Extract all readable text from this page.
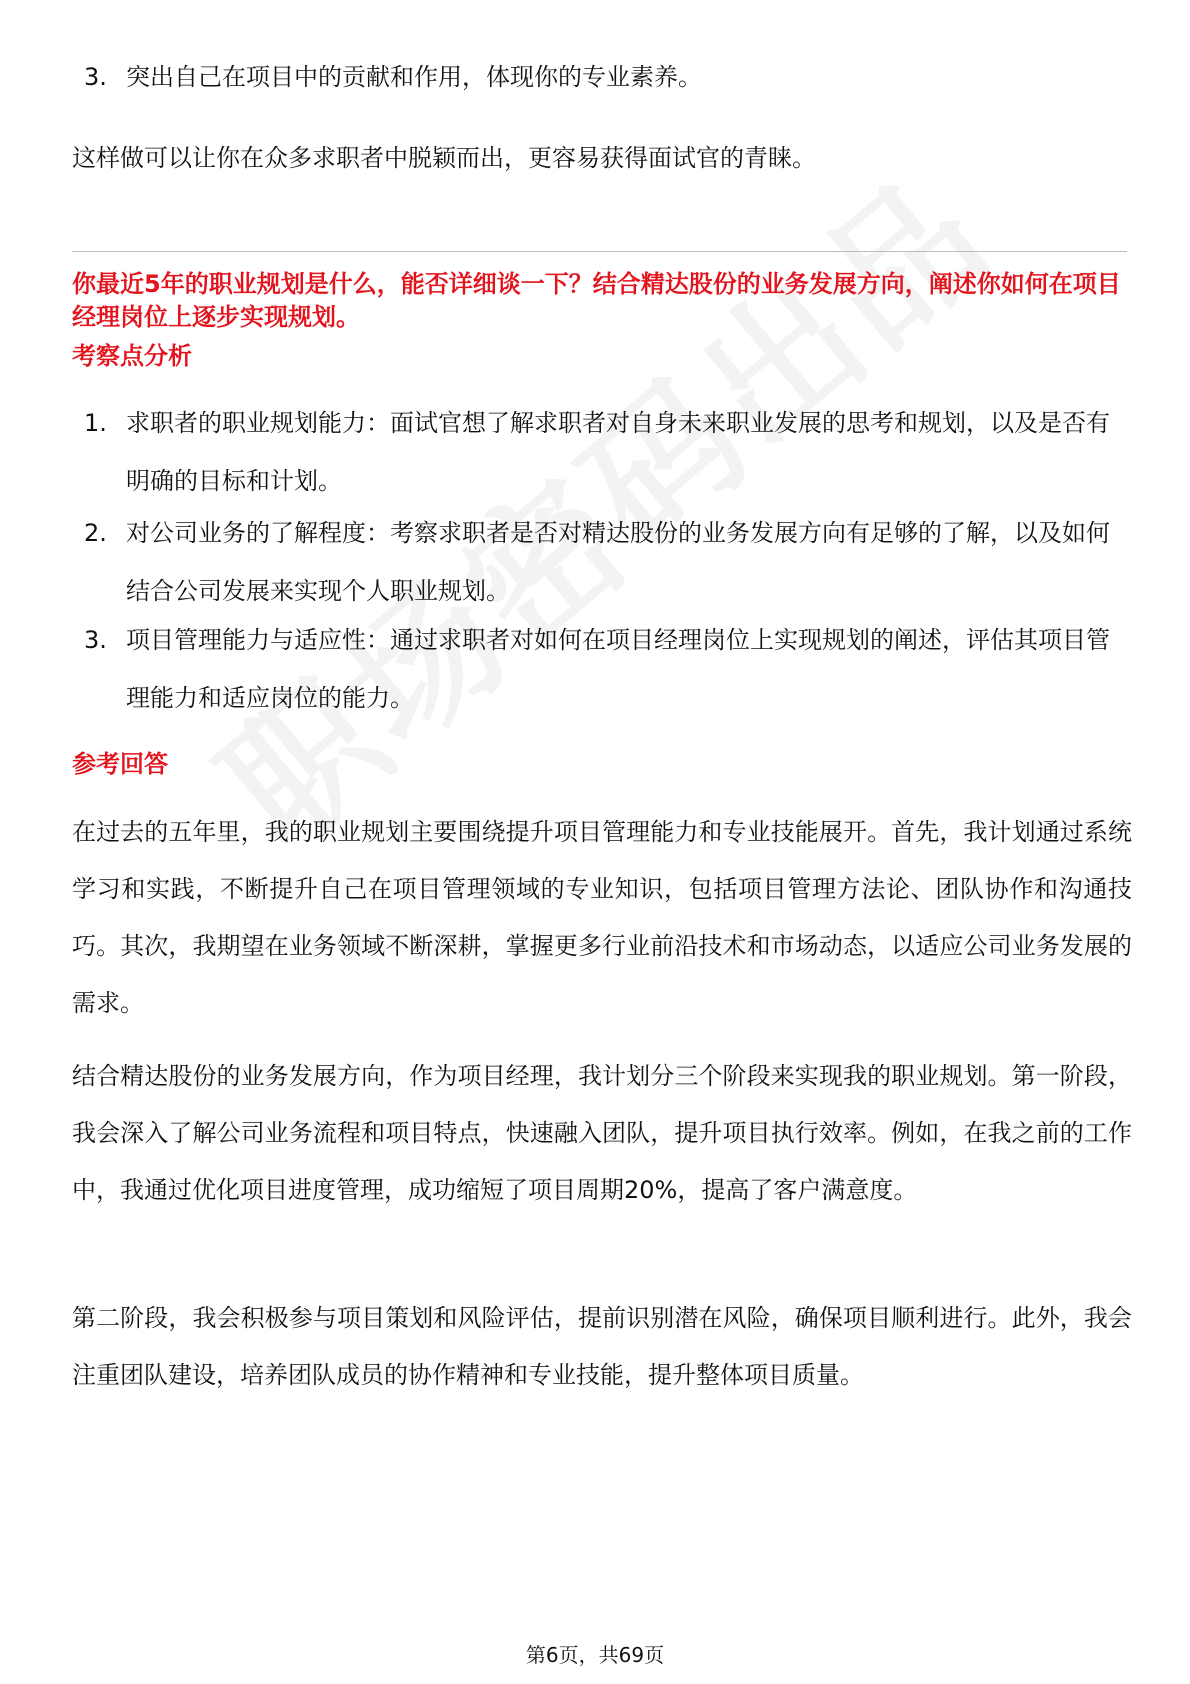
3. 突出自己在项目中的贡献和作用，体现你的专业素养。
这样做可以让你在众多求职者中脱颖而出，更容易获得面试官的青睐。
你最近5年的职业规划是什么，能否详细谈一下？结合精达股份的业务发展方向，阐述你如何在项目经理岗位上逐步实现规划。
考察点分析
1. 求职者的职业规划能力：面试官想了解求职者对自身未来职业发展的思考和规划，以及是否有明确的目标和计划。
2. 对公司业务的了解程度：考察求职者是否对精达股份的业务发展方向有足够的了解，以及如何结合公司发展来实现个人职业规划。
3. 项目管理能力与适应性：通过求职者对如何在项目经理岗位上实现规划的阐述，评估其项目管理能力和适应岗位的能力。
参考回答
在过去的五年里，我的职业规划主要围绕提升项目管理能力和专业技能展开。首先，我计划通过系统学习和实践，不断提升自己在项目管理领域的专业知识，包括项目管理方法论、团队协作和沟通技巧。其次，我期望在业务领域不断深耕，掌握更多行业前沿技术和市场动态，以适应公司业务发展的需求。
结合精达股份的业务发展方向，作为项目经理，我计划分三个阶段来实现我的职业规划。第一阶段，我会深入了解公司业务流程和项目特点，快速融入团队，提升项目执行效率。例如，在我之前的工作中，我通过优化项目进度管理，成功缩短了项目周期20%，提高了客户满意度。
第二阶段，我会积极参与项目策划和风险评估，提前识别潜在风险，确保项目顺利进行。此外，我会注重团队建设，培养团队成员的协作精神和专业技能，提升整体项目质量。
第6页，共69页
